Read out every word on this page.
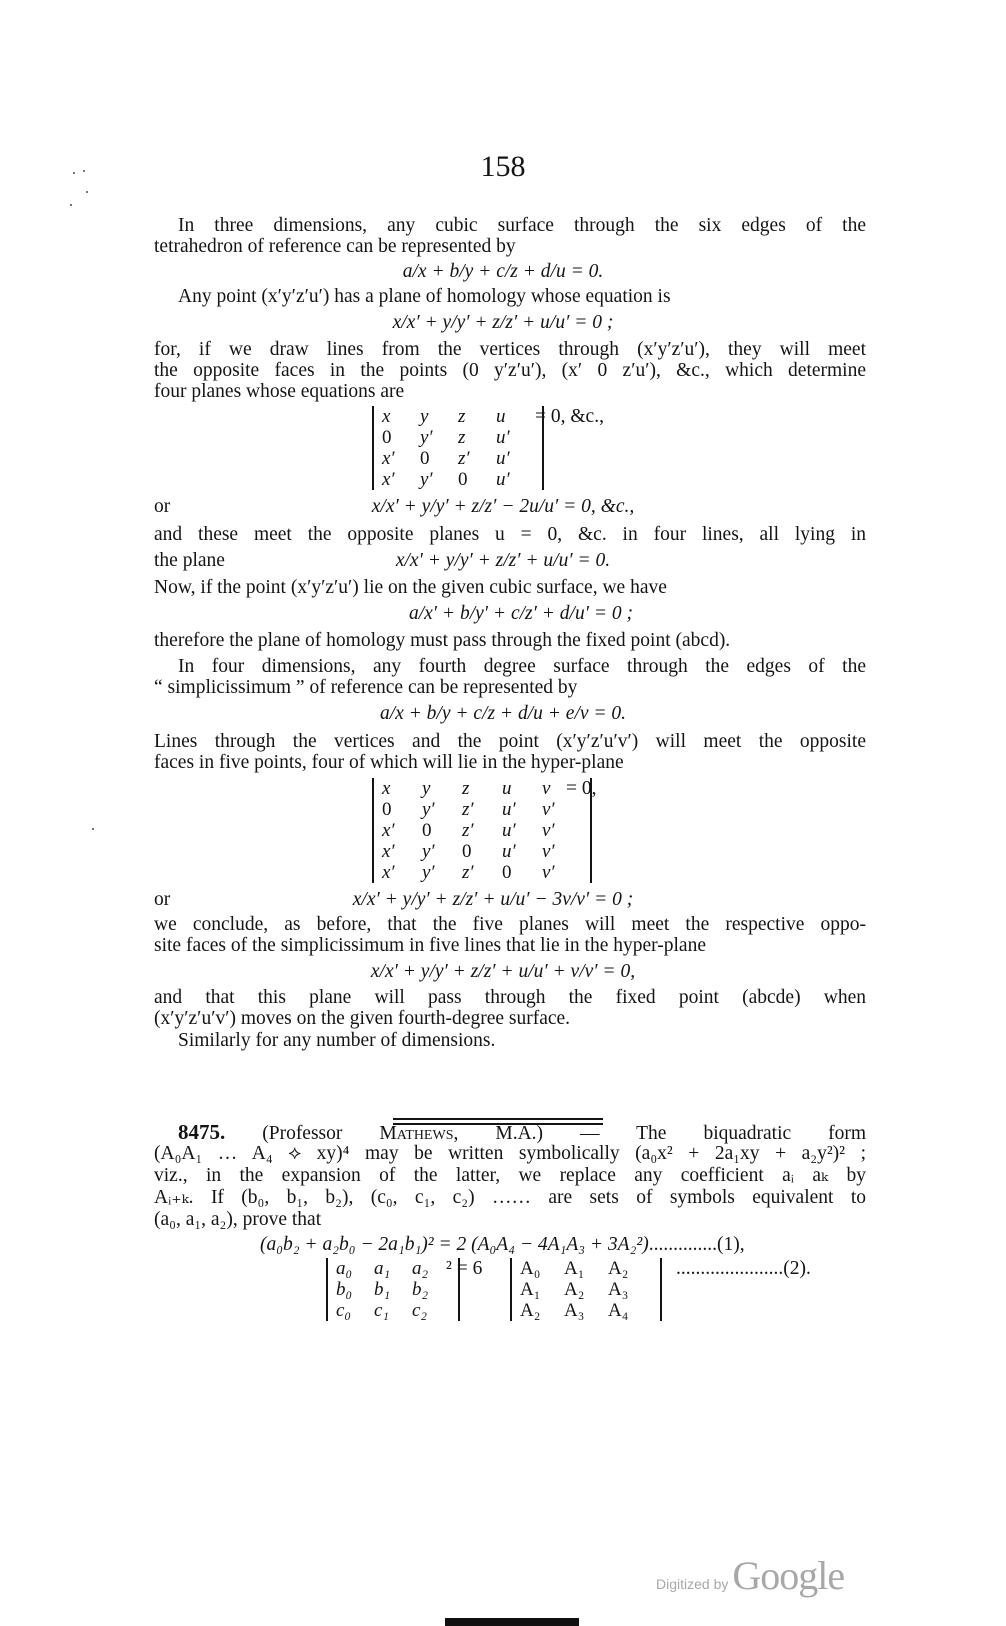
158
In three dimensions, any cubic surface through the six edges of the
tetrahedron of reference can be represented by
a/x + b/y + c/z + d/u = 0.
Any point (x′y′z′u′) has a plane of homology whose equation is
x/x′ + y/y′ + z/z′ + u/u′ = 0 ;
for, if we draw lines from the vertices through (x′y′z′u′), they will meet
the opposite faces in the points (0 y′z′u′), (x′ 0 z′u′), &c., which determine
four planes whose equations are
x	y	z	u
0	y′	z	u′
x′	0	z′	u′
x′	y′	0	u′
= 0, &c.,
or	x/x′ + y/y′ + z/z′ − 2u/u′ = 0, &c.,
and these meet the opposite planes u = 0, &c. in four lines, all lying in
the plane	x/x′ + y/y′ + z/z′ + u/u′ = 0.
Now, if the point (x′y′z′u′) lie on the given cubic surface, we have
a/x′ + b/y′ + c/z′ + d/u′ = 0 ;
therefore the plane of homology must pass through the fixed point (abcd).
In four dimensions, any fourth degree surface through the edges of the
“ simplicissimum ” of reference can be represented by
a/x + b/y + c/z + d/u + e/v = 0.
Lines through the vertices and the point (x′y′z′u′v′) will meet the opposite
faces in five points, four of which will lie in the hyper-plane
x	y	z	u	v
0	y′	z′	u′	v′
x′	0	z′	u′	v′
x′	y′	0	u′	v′
x′	y′	z′	0	v′
= 0,
or	x/x′ + y/y′ + z/z′ + u/u′ − 3v/v′ = 0 ;
we conclude, as before, that the five planes will meet the respective oppo-
site faces of the simplicissimum in five lines that lie in the hyper-plane
x/x′ + y/y′ + z/z′ + u/u′ + v/v′ = 0,
and that this plane will pass through the fixed point (abcde) when
(x′y′z′u′v′) moves on the given fourth-degree surface.
Similarly for any number of dimensions.
8475. (Professor Mathews, M.A.) — The biquadratic form
(A₀A₁ … A₄ ⟡ xy)⁴ may be written symbolically (a₀x² + 2a₁xy + a₂y²)² ;
viz., in the expansion of the latter, we replace any coefficient aᵢ aₖ by
Aᵢ₊ₖ. If (b₀, b₁, b₂), (c₀, c₁, c₂) …… are sets of symbols equivalent to
(a₀, a₁, a₂), prove that
(a₀b₂ + a₂b₀ − 2a₁b₁)² = 2 (A₀A₄ − 4A₁A₃ + 3A₂²)..............(1),
a₀	a₁	a₂
b₀	b₁	b₂
c₀	c₁	c₂
² = 6 A₀	A₁	A₂
A₁	A₂	A₃
A₂	A₃	A₄
......................(2).
Digitized by Google
